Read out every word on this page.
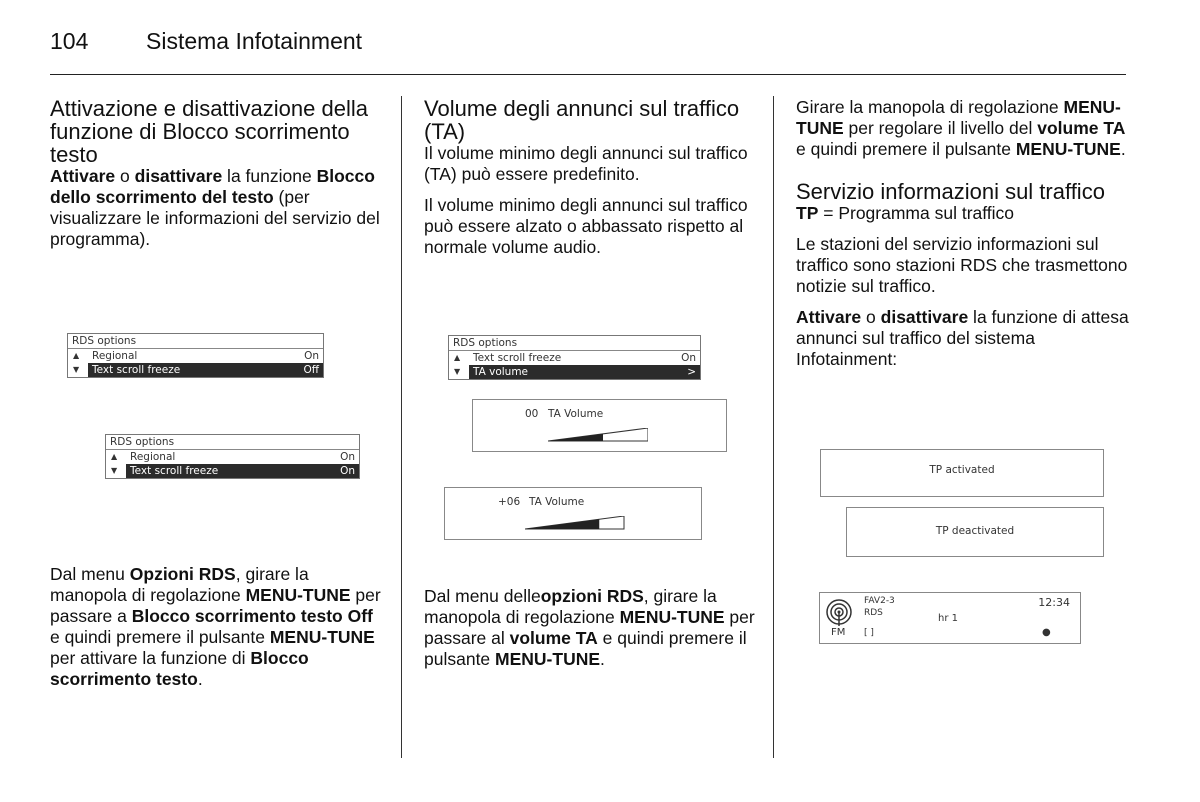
104	Sistema Infotainment
Attivazione e disattivazione della funzione di Blocco scorrimento testo

Attivare o disattivare la funzione Blocco dello scorrimento del testo (per visualizzare le informazioni del servizio del programma).

RDS options
▲ Regional	On
▼ Text scroll freeze	Off
RDS options
▲ Regional	On
▼ Text scroll freeze	On

Dal menu Opzioni RDS, girare la manopola di regolazione MENU-TUNE per passare a Blocco scorrimento testo Off e quindi premere il pulsante MENU-TUNE per attivare la funzione di Blocco scorrimento testo.

Volume degli annunci sul traffico (TA)

Il volume minimo degli annunci sul traffico (TA) può essere predefinito.

Il volume minimo degli annunci sul traffico può essere alzato o abbassato rispetto al normale volume audio.

RDS options
▲ Text scroll freeze	On
▼ TA volume	>
00 TA Volume
+06 TA Volume

Dal menu delleopzioni RDS, girare la manopola di regolazione MENU-TUNE per passare al volume TA e quindi premere il pulsante MENU-TUNE.

Girare la manopola di regolazione MENU-TUNE per regolare il livello del volume TA e quindi premere il pulsante MENU-TUNE.

Servizio informazioni sul traffico

TP = Programma sul traffico

Le stazioni del servizio informazioni sul traffico sono stazioni RDS che trasmettono notizie sul traffico.

Attivare o disattivare la funzione di attesa annunci sul traffico del sistema Infotainment:

TP activated
TP deactivated
FAV2-3
RDS	hr 1
12:34
FM [ ]	●
